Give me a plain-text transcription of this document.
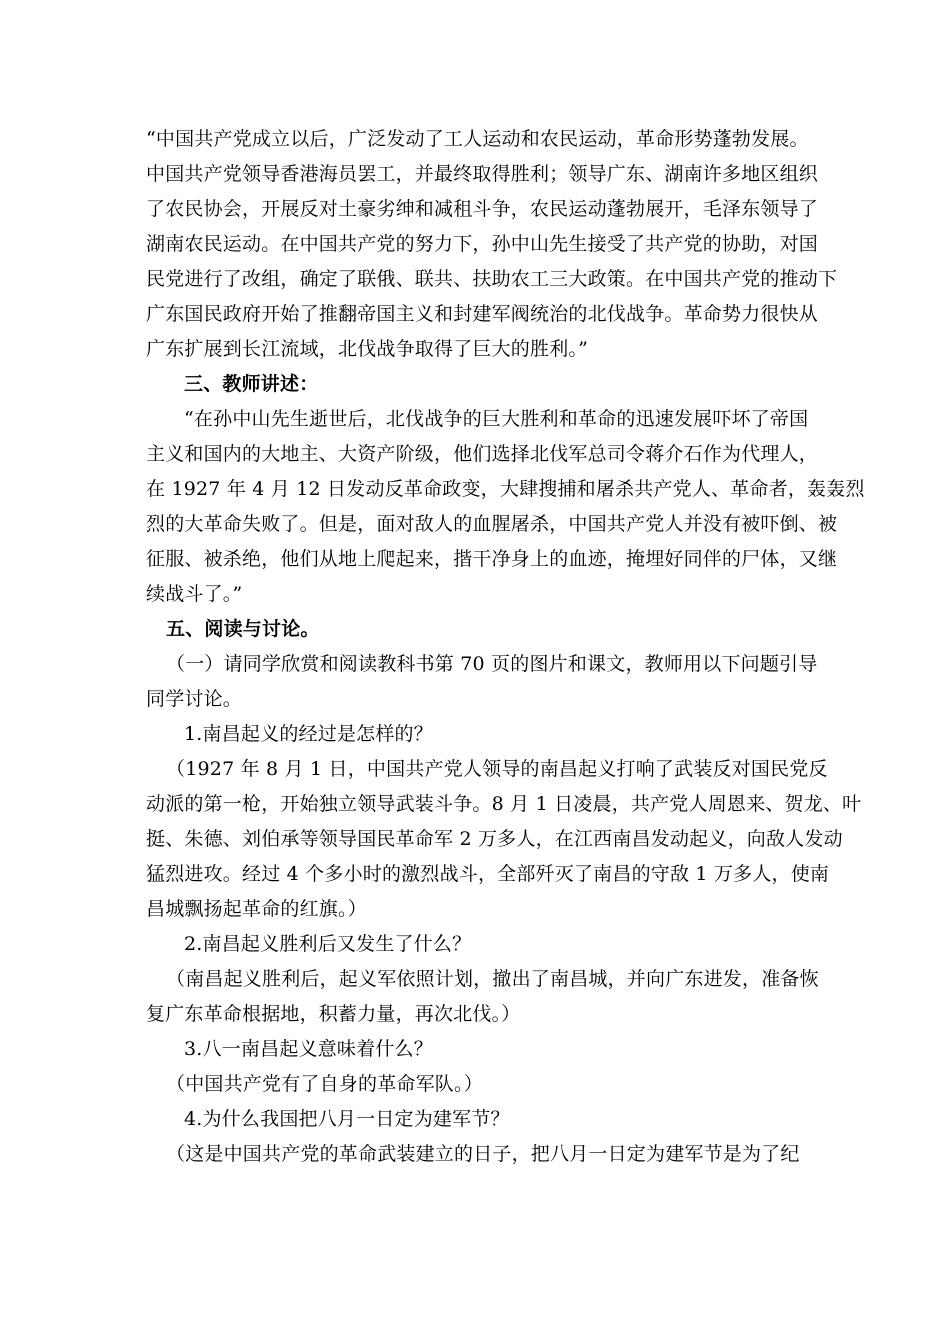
“中国共产党成立以后，广泛发动了工人运动和农民运动，革命形势蓬勃发展。
中国共产党领导香港海员罢工，并最终取得胜利；领导广东、湖南许多地区组织
了农民协会，开展反对土豪劣绅和减租斗争，农民运动蓬勃展开，毛泽东领导了
湖南农民运动。在中国共产党的努力下，孙中山先生接受了共产党的协助，对国
民党进行了改组，确定了联俄、联共、扶助农工三大政策。在中国共产党的推动下
广东国民政府开始了推翻帝国主义和封建军阀统治的北伐战争。革命势力很快从
广东扩展到长江流域，北伐战争取得了巨大的胜利。”
三、教师讲述：
“在孙中山先生逝世后，北伐战争的巨大胜利和革命的迅速发展吓坏了帝国
主义和国内的大地主、大资产阶级，他们选择北伐军总司令蒋介石作为代理人，
在 1927 年 4 月 12 日发动反革命政变，大肆搜捕和屠杀共产党人、革命者，轰轰烈
烈的大革命失败了。但是，面对敌人的血腥屠杀，中国共产党人并没有被吓倒、被
征服、被杀绝，他们从地上爬起来，揩干净身上的血迹，掩埋好同伴的尸体，又继
续战斗了。”
五、阅读与讨论。
（一）请同学欣赏和阅读教科书第 70 页的图片和课文，教师用以下问题引导
同学讨论。
1.南昌起义的经过是怎样的？
（1927 年 8 月 1 日，中国共产党人领导的南昌起义打响了武装反对国民党反
动派的第一枪，开始独立领导武装斗争。8 月 1 日凌晨，共产党人周恩来、贺龙、叶
挺、朱德、刘伯承等领导国民革命军 2 万多人，在江西南昌发动起义，向敌人发动
猛烈进攻。经过 4 个多小时的激烈战斗，全部歼灭了南昌的守敌 1 万多人，使南
昌城飘扬起革命的红旗。）
2.南昌起义胜利后又发生了什么？
（南昌起义胜利后，起义军依照计划，撤出了南昌城，并向广东进发，准备恢
复广东革命根据地，积蓄力量，再次北伐。）
3.八一南昌起义意味着什么？
（中国共产党有了自身的革命军队。）
4.为什么我国把八月一日定为建军节？
（这是中国共产党的革命武装建立的日子，把八月一日定为建军节是为了纪
